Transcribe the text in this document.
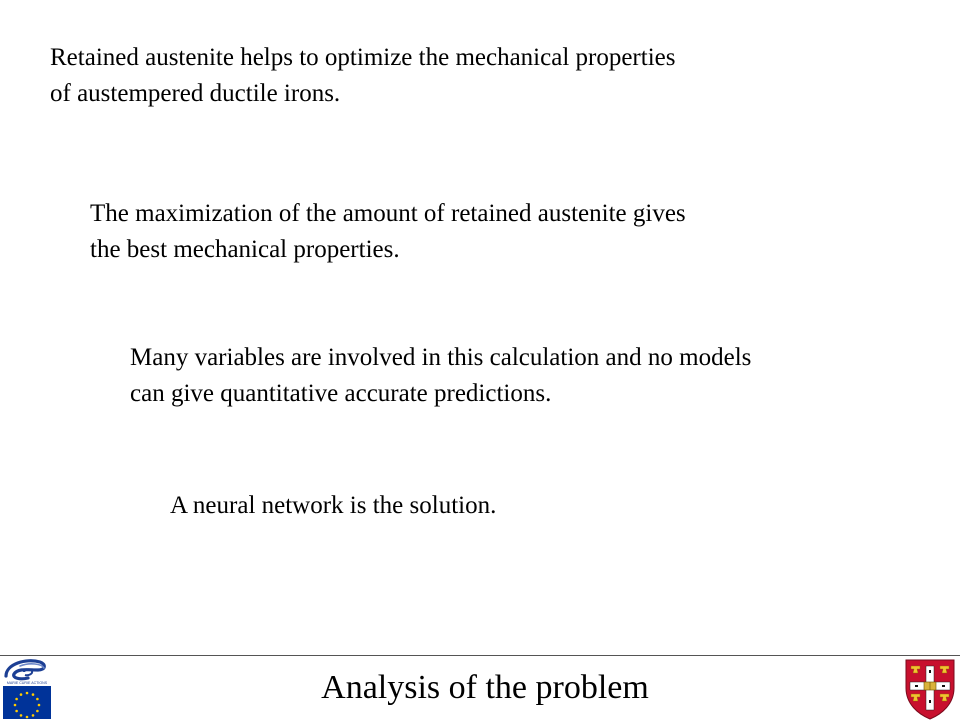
Retained austenite helps to optimize the mechanical properties
of austempered ductile irons.

The maximization of the amount of retained austenite gives
the best mechanical properties.

Many variables are involved in this calculation and no models
can give quantitative accurate predictions.

A neural network is the solution.

MARIE CURIE ACTIONS	Analysis of the problem
